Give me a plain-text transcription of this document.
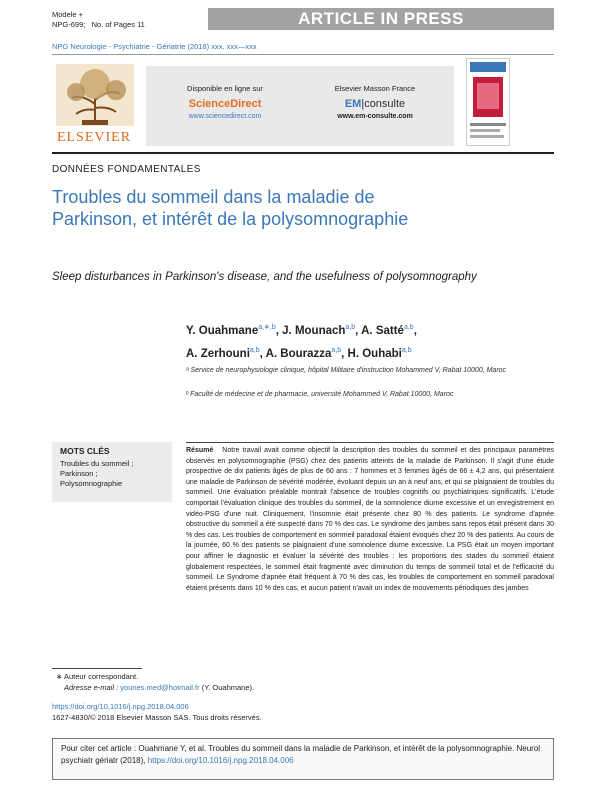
Modele +
NPG-699; No. of Pages 11	ARTICLE IN PRESS
NPG Neurologie - Psychiatrie - Gériatrie (2018) xxx, xxx—xxx
ELSEVIER
Disponible en ligne sur
ScienceDirect
www.sciencedirect.com
Elsevier Masson France
EM|consulte
www.em-consulte.com
DONNÉES FONDAMENTALES
Troubles du sommeil dans la maladie de Parkinson, et intérêt de la polysomnographie
Sleep disturbances in Parkinson's disease, and the usefulness of polysomnography
Y. Ouahmane$^{a,∗,b}$, J. Mounach$^{a,b}$, A. Satté$^{a,b}$,
A. Zerhouni$^{a,b}$, A. Bourazza$^{a,b}$, H. Ouhabi$^{a,b}$
ᵃ Service de neurophysiologie clinique, hôpital Militaire d'instruction Mohammed V, Rabat 10000, Maroc
ᵇ Faculté de médecine et de pharmacie, université Mohammed V, Rabat 10000, Maroc
MOTS CLÉS
Troubles du sommeil ;
Parkinson ;
Polysomnographie
Résumé Notre travail avait comme objectif la description des troubles du sommeil et des principaux paramètres observés en polysomnographie (PSG) chez des patients atteints de la maladie de Parkinson. Il s'agit d'une étude prospective de dix patients âgés de plus de 60 ans : 7 hommes et 3 femmes âgés de 66 ± 4,2 ans, qui présentaient une maladie de Parkinson de sévérité modérée, évoluant depuis un an à neuf ans, et qui se plaignaient de troubles du sommeil. Une évaluation préalable montrait l'absence de troubles cognitifs ou psychiatriques significatifs. L'étude comportait l'évaluation clinique des troubles du sommeil, de la somnolence diurne excessive et un enregistrement en vidéo-PSG d'une nuit. Cliniquement, l'insomnie était présente chez 80 % des patients. Le syndrome d'apnée obstructive du sommeil a été suspecté dans 70 % des cas. Le syndrome des jambes sans repos était présent dans 30 % des cas. Les troubles de comportement en sommeil paradoxal étaient évoqués chez 20 % des patients. Au cours de la journée, 60 % des patients se plaignaient d'une somnolence diurne excessive. La PSG était un moyen important pour affiner le diagnostic et évaluer la sévérité des troubles : les proportions des stades du sommeil étaient globalement respectées, le sommeil était fragmenté avec diminution du temps de sommeil total et de l'efficacité du sommeil. Le Syndrome d'apnée était fréquent à 70 % des cas, les troubles de comportement en sommeil paradoxal étaient présents dans 10 % des cas, et aucun patient n'avait un index de mouvements périodiques des jambes
∗ Auteur correspondant.
Adresse e-mail : younes.med@hotmail.fr (Y. Ouahmane).
https://doi.org/10.1016/j.npg.2018.04.006
1627-4830/© 2018 Elsevier Masson SAS. Tous droits réservés.
Pour citer cet article : Ouahmane Y, et al. Troubles du sommeil dans la maladie de Parkinson, et intérêt de la polysomnographie. Neurol psychiatr gériatr (2018), https://doi.org/10.1016/j.npg.2018.04.006
